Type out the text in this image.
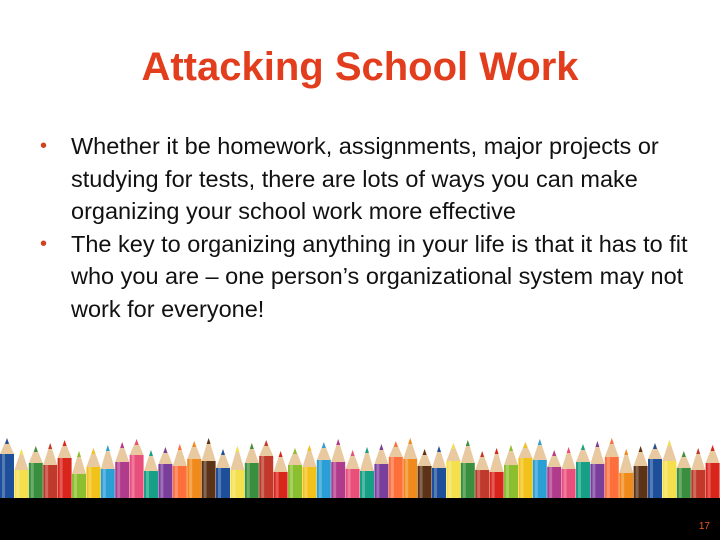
Attacking School Work
• Whether it be homework, assignments, major projects or studying for tests, there are lots of ways you can make organizing your school work more effective
• The key to organizing anything in your life is that it has to fit who you are – one person’s organizational system may not work for everyone!
17
